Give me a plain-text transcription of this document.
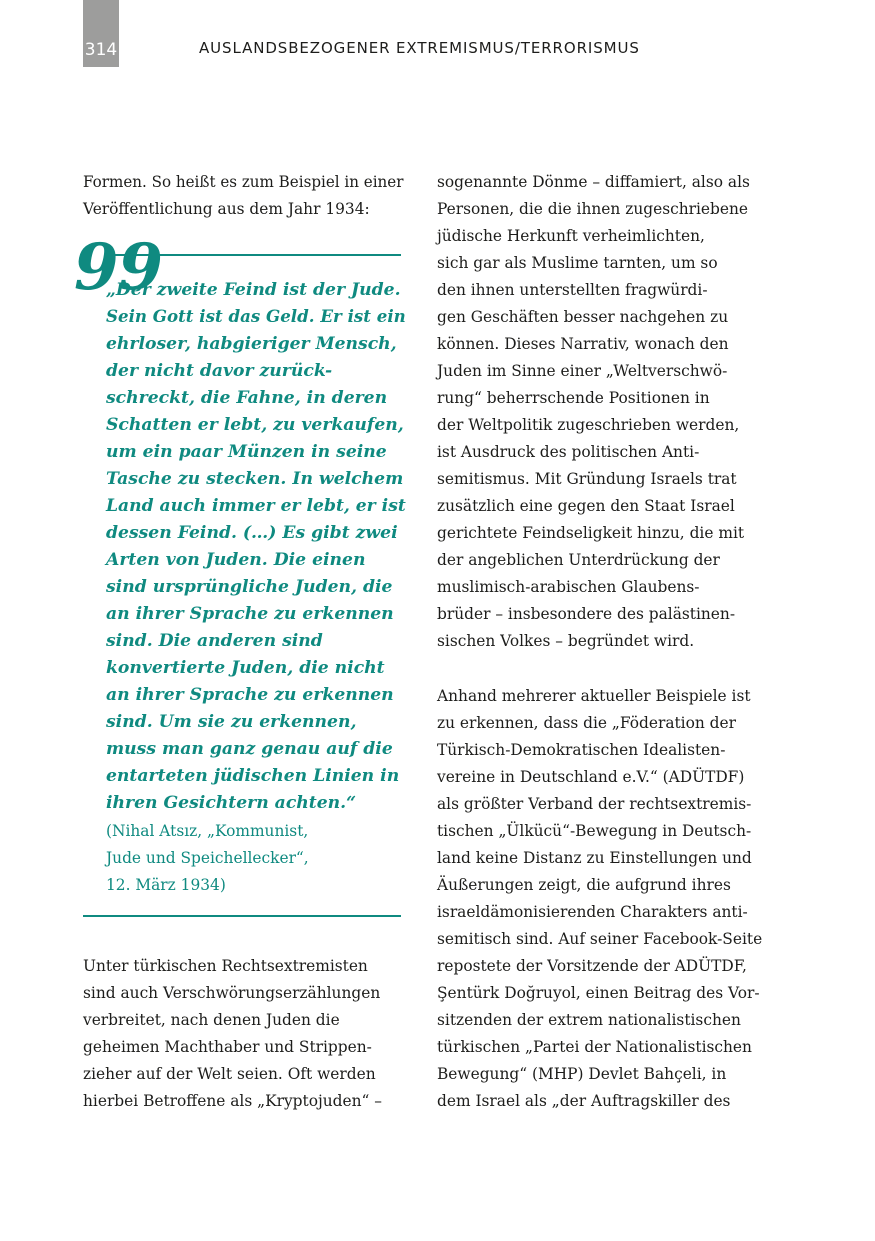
314	AUSLANDSBEZOGENER EXTREMISMUS/TERRORISMUS
Formen. So heißt es zum Beispiel in einer
Veröffentlichung aus dem Jahr 1934:
99
„Der zweite Feind ist der Jude.
Sein Gott ist das Geld. Er ist ein
ehrloser, habgieriger Mensch,
der nicht davor zurück-
schreckt, die Fahne, in deren
Schatten er lebt, zu verkaufen,
um ein paar Münzen in seine
Tasche zu stecken. In welchem
Land auch immer er lebt, er ist
dessen Feind. (…) Es gibt zwei
Arten von Juden. Die einen
sind ursprüngliche Juden, die
an ihrer Sprache zu erkennen
sind. Die anderen sind
konvertierte Juden, die nicht
an ihrer Sprache zu erkennen
sind. Um sie zu erkennen,
muss man ganz genau auf die
entarteten jüdischen Linien in
ihren Gesichtern achten.“
(Nihal Atsız, „Kommunist,
Jude und Speichellecker“,
12. März 1934)
Unter türkischen Rechtsextremisten
sind auch Verschwörungserzählungen
verbreitet, nach denen Juden die
geheimen Machthaber und Strippen-
zieher auf der Welt seien. Oft werden
hierbei Betroffene als „Kryptojuden“ –
sogenannte Dönme – diffamiert, also als
Personen, die die ihnen zugeschriebene
jüdische Herkunft verheimlichten,
sich gar als Muslime tarnten, um so
den ihnen unterstellten fragwürdi-
gen Geschäften besser nachgehen zu
können. Dieses Narrativ, wonach den
Juden im Sinne einer „Weltverschwö-
rung“ beherrschende Positionen in
der Weltpolitik zugeschrieben werden,
ist Ausdruck des politischen Anti-
semitismus. Mit Gründung Israels trat
zusätzlich eine gegen den Staat Israel
gerichtete Feindseligkeit hinzu, die mit
der angeblichen Unterdrückung der
muslimisch-arabischen Glaubens-
brüder – insbesondere des palästinen-
sischen Volkes – begründet wird.
Anhand mehrerer aktueller Beispiele ist
zu erkennen, dass die „Föderation der
Türkisch-Demokratischen Idealisten-
vereine in Deutschland e.V.“ (ADÜTDF)
als größter Verband der rechtsextremis-
tischen „Ülkücü“-Bewegung in Deutsch-
land keine Distanz zu Einstellungen und
Äußerungen zeigt, die aufgrund ihres
israeldämonisierenden Charakters anti-
semitisch sind. Auf seiner Facebook-Seite
repostete der Vorsitzende der ADÜTDF,
Şentürk Doğruyol, einen Beitrag des Vor-
sitzenden der extrem nationalistischen
türkischen „Partei der Nationalistischen
Bewegung“ (MHP) Devlet Bahçeli, in
dem Israel als „der Auftragskiller des
